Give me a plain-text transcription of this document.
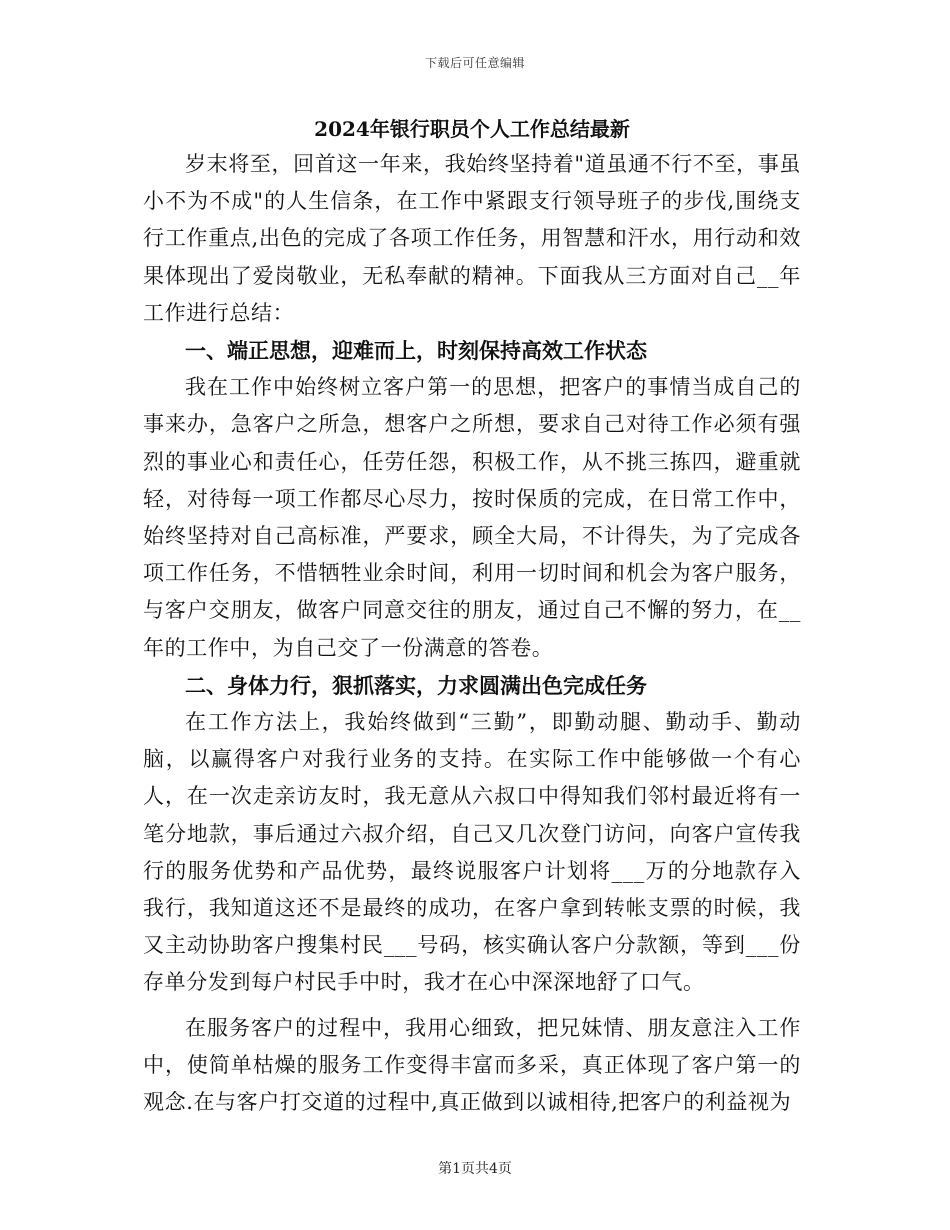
下载后可任意编辑
2024年银行职员个人工作总结最新

岁末将至，回首这一年来，我始终坚持着"道虽通不行不至，事虽小不为不成"的人生信条，在工作中紧跟支行领导班子的步伐,围绕支行工作重点,出色的完成了各项工作任务，用智慧和汗水，用行动和效果体现出了爱岗敬业，无私奉献的精神。下面我从三方面对自己__年工作进行总结：

一、端正思想，迎难而上，时刻保持高效工作状态

我在工作中始终树立客户第一的思想，把客户的事情当成自己的事来办，急客户之所急，想客户之所想，要求自己对待工作必须有强烈的事业心和责任心，任劳任怨，积极工作，从不挑三拣四，避重就轻，对待每一项工作都尽心尽力，按时保质的完成，在日常工作中，始终坚持对自己高标准，严要求，顾全大局，不计得失，为了完成各项工作任务，不惜牺牲业余时间，利用一切时间和机会为客户服务，与客户交朋友，做客户同意交往的朋友，通过自己不懈的努力，在__年的工作中，为自己交了一份满意的答卷。

二、身体力行，狠抓落实，力求圆满出色完成任务

在工作方法上，我始终做到“三勤”，即勤动腿、勤动手、勤动脑，以赢得客户对我行业务的支持。在实际工作中能够做一个有心人，在一次走亲访友时，我无意从六叔口中得知我们邻村最近将有一笔分地款，事后通过六叔介绍，自己又几次登门访问，向客户宣传我行的服务优势和产品优势，最终说服客户计划将___万的分地款存入我行，我知道这还不是最终的成功，在客户拿到转帐支票的时候，我又主动协助客户搜集村民___号码，核实确认客户分款额，等到___份存单分发到每户村民手中时，我才在心中深深地舒了口气。

在服务客户的过程中，我用心细致，把兄妹情、朋友意注入工作中，使简单枯燥的服务工作变得丰富而多采，真正体现了客户第一的观念.在与客户打交道的过程中,真正做到以诚相待,把客户的利益视为

第1页共4页
